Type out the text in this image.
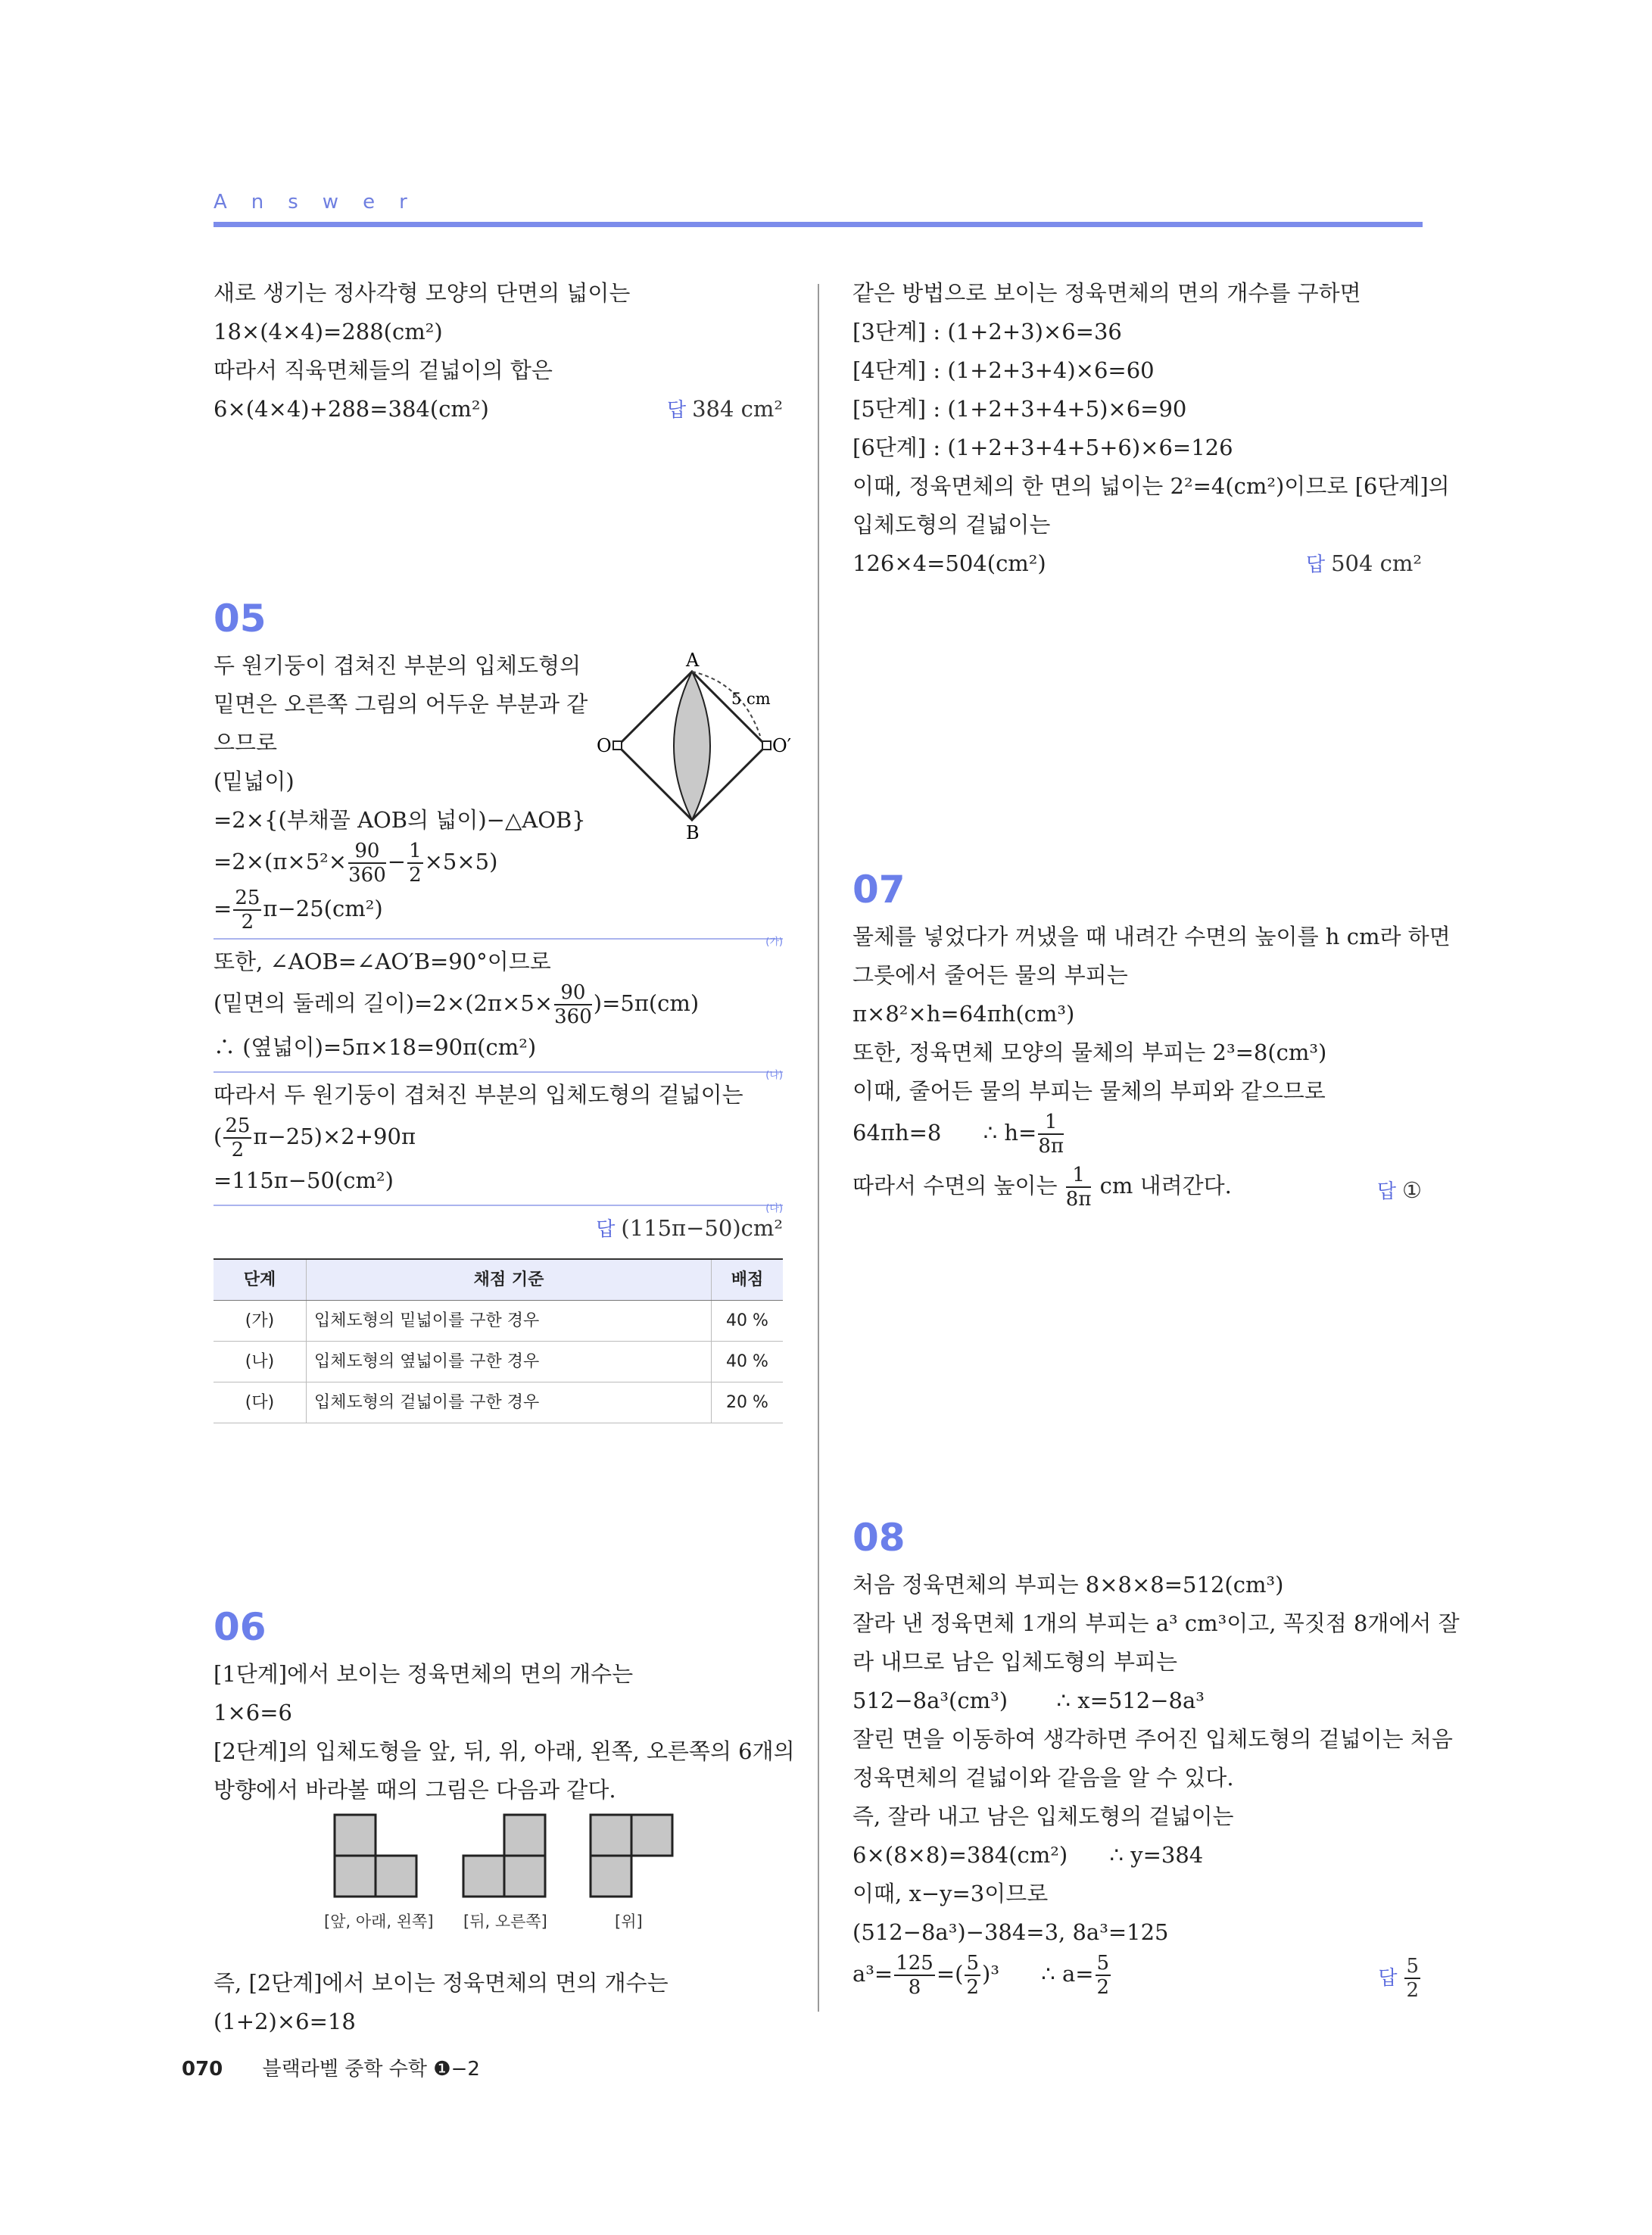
Answer
새로 생기는 정사각형 모양의 단면의 넓이는
18×(4×4)=288(cm²)
따라서 직육면체들의 겉넓이의 합은
6×(4×4)+288=384(cm²)	답 384 cm²
05
두 원기둥이 겹쳐진 부분의 입체도형의
밑면은 오른쪽 그림의 어두운 부분과 같
으므로
(밑넓이)
=2×{(부채꼴 AOB의 넓이)−△AOB}
$=2\times(\pi\times 5^2\times \frac{90}{360} - \frac{1}{2} \times 5\times 5)$
= $\frac{25}{2} \pi-25(cm^2)$
(가)
또한, ∠AOB=∠AO′B=90°이므로
(밑면의 둘레의 길이)$=2\times(2\pi\times 5\times \frac{90}{360} )=5\pi(cm)$
∴ (옆넓이)=5π×18=90π(cm²)
(나)
따라서 두 원기둥이 겹쳐진 부분의 입체도형의 겉넓이는
( $\frac{25}{2} \pi-25)\times 2+90\pi$
=115π−50(cm²)
(다)
답 (115π−50)cm²
단계	채점 기준	배점
(가)	입체도형의 밑넓이를 구한 경우	40 %
(나)	입체도형의 옆넓이를 구한 경우	40 %
(다)	입체도형의 겉넓이를 구한 경우	20 %
A
B
O	O′
5 cm
06
[1단계]에서 보이는 정육면체의 면의 개수는
1×6=6
[2단계]의 입체도형을 앞, 뒤, 위, 아래, 왼쪽, 오른쪽의 6개의
방향에서 바라볼 때의 그림은 다음과 같다.
즉, [2단계]에서 보이는 정육면체의 면의 개수는
(1+2)×6=18
[앞, 아래, 왼쪽] [뒤, 오른쪽]	[위]
같은 방법으로 보이는 정육면체의 면의 개수를 구하면
[3단계] : (1+2+3)×6=36
[4단계] : (1+2+3+4)×6=60
[5단계] : (1+2+3+4+5)×6=90
[6단계] : (1+2+3+4+5+6)×6=126
이때, 정육면체의 한 면의 넓이는 2²=4(cm²)이므로 [6단계]의
입체도형의 겉넓이는
126×4=504(cm²)	답 504 cm²
07
물체를 넣었다가 꺼냈을 때 내려간 수면의 높이를 h cm라 하면
그릇에서 줄어든 물의 부피는
π×8²×h=64πh(cm³)
또한, 정육면체 모양의 물체의 부피는 2³=8(cm³)
이때, 줄어든 물의 부피는 물체의 부피와 같으므로
64πh=8      ∴ $h= \frac{1}{8\pi}$
따라서 수면의 높이는 $\frac{1}{8\pi}$ cm 내려간다.	답 ①
08
처음 정육면체의 부피는 8×8×8=512(cm³)
잘라 낸 정육면체 1개의 부피는 a³ cm³이고, 꼭짓점 8개에서 잘
라 내므로 남은 입체도형의 부피는
512−8a³(cm³)       ∴ x=512−8a³
잘린 면을 이동하여 생각하면 주어진 입체도형의 겉넓이는 처음
정육면체의 겉넓이와 같음을 알 수 있다.
즉, 잘라 내고 남은 입체도형의 겉넓이는
6×(8×8)=384(cm²)      ∴ y=384
이때, x−y=3이므로
(512−8a³)−384=3, 8a³=125
$a^3= \frac{125}{8}$ =( $\frac{5}{2} )^3$      ∴ $a= \frac{5}{2}$	답 $\frac{5}{2}$
070 블랙라벨 중학 수학 ❶−2
